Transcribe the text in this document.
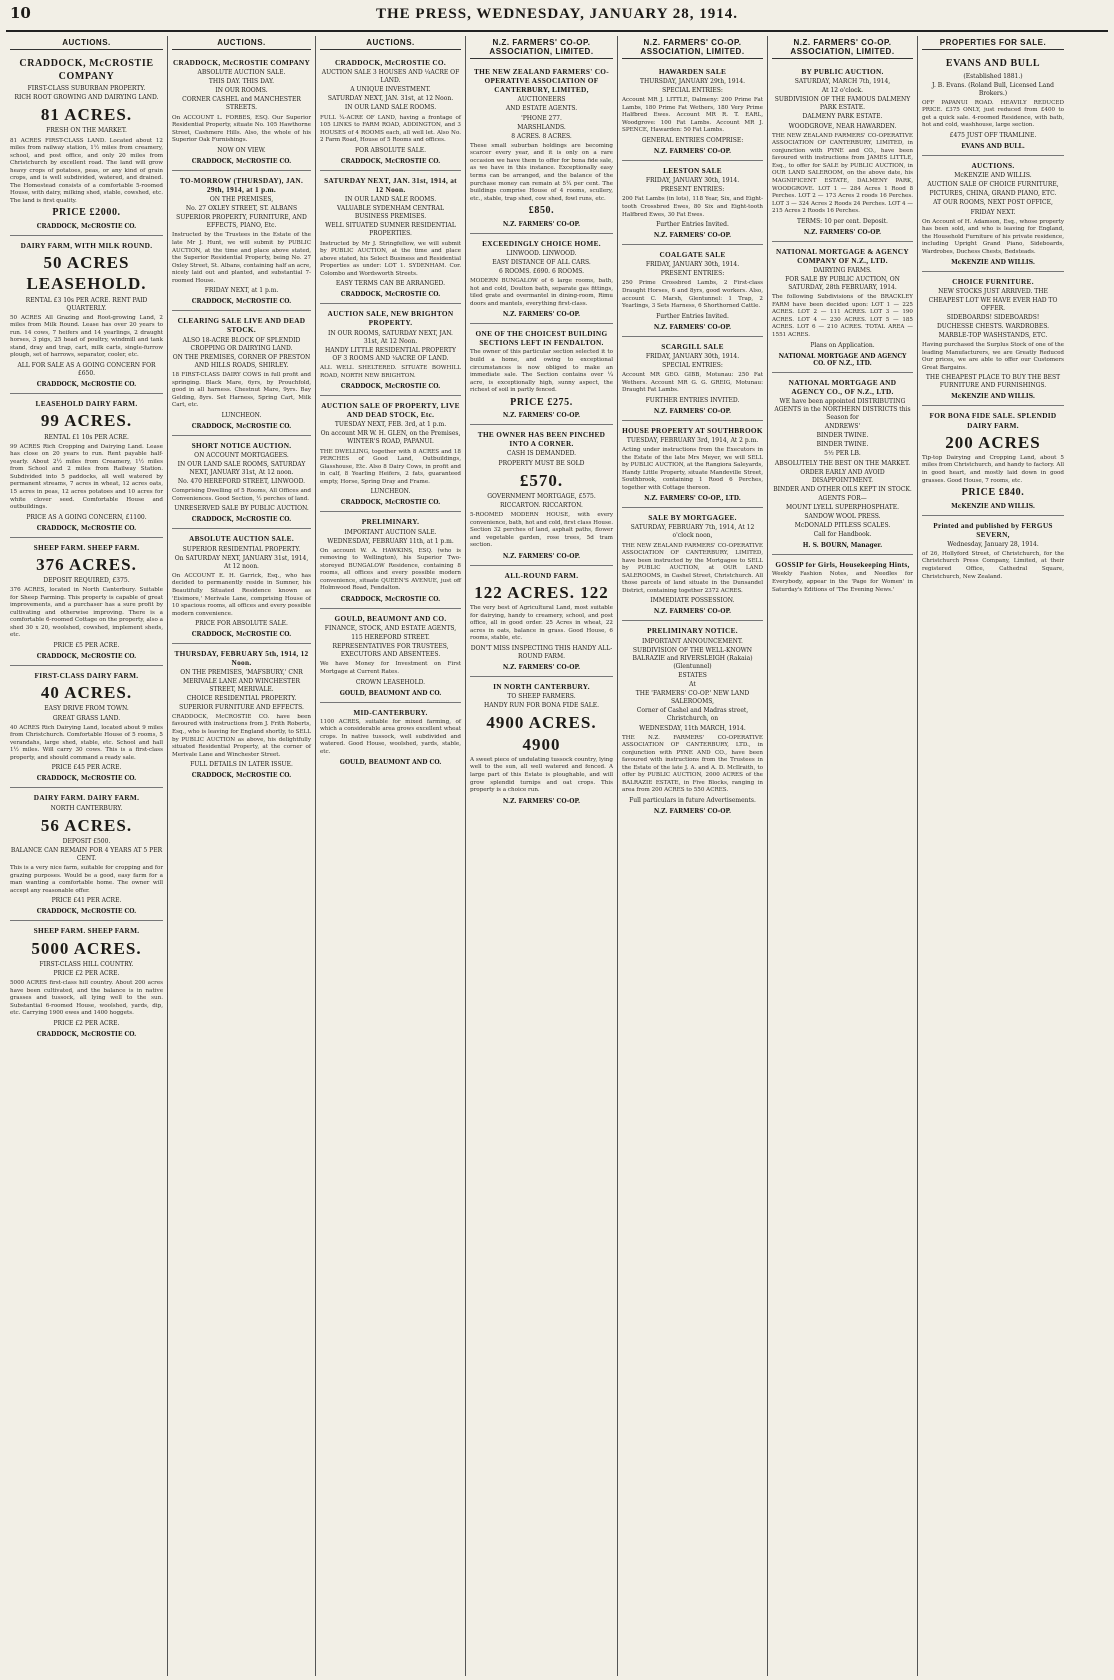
10	THE PRESS, WEDNESDAY, JANUARY 28, 1914.
AUCTIONS.
CRADDOCK, McCROSTIE COMPANY
FIRST-CLASS SUBURBAN PROPERTY.
RICH ROOT GROWING AND DAIRYING LAND.
81 ACRES.
FRESH ON THE MARKET.
81 ACRES FIRST-CLASS LAND. Located about 12 miles from railway station, 1½ miles from creamery, school, and post office, and only 20 miles from Christchurch by excellent road. The land will grow heavy crops of potatoes, peas, or any kind of grain crops, and is well subdivided, watered, and drained. The Homestead consists of a comfortable 5-roomed House, with dairy, milking shed, stable, cowshed, etc. The land is first quality.
PRICE £2000.
CRADDOCK, McCROSTIE CO.
DAIRY FARM, WITH MILK ROUND.
50 ACRES LEASEHOLD.
RENTAL £3 10s PER ACRE. RENT PAID QUARTERLY.
50 ACRES All Grazing and Root-growing Land, 2 miles from Milk Round. Lease has over 20 years to run. 14 cows, 7 heifers and 14 yearlings, 2 draught horses, 3 pigs, 25 head of poultry, windmill and tank stand, dray and trap, cart, milk carts, single-furrow plough, set of harrows, separator, cooler, etc.
ALL FOR SALE AS A GOING CONCERN FOR £650.
CRADDOCK, McCROSTIE CO.
LEASEHOLD DAIRY FARM.
99 ACRES.
RENTAL £1 10s PER ACRE.
99 ACRES Rich Cropping and Dairying Land. Lease has close on 20 years to run. Rent payable half-yearly. About 2½ miles from Creamery, 1½ miles from School and 2 miles from Railway Station. Subdivided into 5 paddocks, all well watered by permanent streams, 7 acres in wheat, 12 acres oats, 15 acres in peas, 12 acres potatoes and 10 acres for white clover seed. Comfortable House and outbuildings.
PRICE AS A GOING CONCERN, £1100.
CRADDOCK, McCROSTIE CO.
SHEEP FARM. SHEEP FARM.
376 ACRES.
DEPOSIT REQUIRED, £375.
376 ACRES, located in North Canterbury. Suitable for Sheep Farming. This property is capable of great improvements, and a purchaser has a sure profit by cultivating and otherwise improving. There is a comfortable 6-roomed Cottage on the property, also a shed 30 x 20, woolshed, cowshed, implement sheds, etc.
PRICE £5 PER ACRE.
CRADDOCK, McCROSTIE CO.
FIRST-CLASS DAIRY FARM.
40 ACRES.
EASY DRIVE FROM TOWN.
GREAT GRASS LAND.
40 ACRES Rich Dairying Land, located about 9 miles from Christchurch. Comfortable House of 5 rooms, 5 verandahs, large shed, stable, etc. School and hall 1½ miles. Will carry 30 cows. This is a first-class property, and should command a ready sale.
PRICE £45 PER ACRE.
CRADDOCK, McCROSTIE CO.
DAIRY FARM. DAIRY FARM.
NORTH CANTERBURY.
56 ACRES.
DEPOSIT £500.
BALANCE CAN REMAIN FOR 4 YEARS AT 5 PER CENT.
This is a very nice farm, suitable for cropping and for grazing purposes. Would be a good, easy farm for a man wanting a comfortable home. The owner will accept any reasonable offer.
PRICE £41 PER ACRE.
CRADDOCK, McCROSTIE CO.
SHEEP FARM. SHEEP FARM.
5000 ACRES.
FIRST-CLASS HILL COUNTRY.
PRICE £2 PER ACRE.
5000 ACRES first-class hill country. About 200 acres have been cultivated, and the balance is in native grasses and tussock, all lying well to the sun. Substantial 6-roomed House, woolshed, yards, dip, etc. Carrying 1900 ewes and 1400 hoggets.
PRICE £2 PER ACRE.
CRADDOCK, McCROSTIE CO.
AUCTIONS.
CRADDOCK, McCROSTIE COMPANY
ABSOLUTE AUCTION SALE.
THIS DAY. THIS DAY.
IN OUR ROOMS.
CORNER CASHEL and MANCHESTER STREETS.
On ACCOUNT L. FORBES, ESQ. Our Superior Residential Property, situate No. 105 Hawthorne Street, Cashmere Hills. Also, the whole of his Superior Oak Furnishings.
NOW ON VIEW.
CRADDOCK, McCROSTIE CO.
TO-MORROW (THURSDAY), JAN. 29th, 1914, at 1 p.m.
ON THE PREMISES,
No. 27 OXLEY STREET, ST. ALBANS
SUPERIOR PROPERTY, FURNITURE, AND EFFECTS, PIANO, Etc.
Instructed by the Trustees in the Estate of the late Mr J. Hunt, we will submit by PUBLIC AUCTION, at the time and place above stated, the Superior Residential Property, being No. 27 Oxley Street, St. Albans, containing half an acre, nicely laid out and planted, and substantial 7-roomed House.
FRIDAY NEXT, at 1 p.m.
CRADDOCK, McCROSTIE CO.
CLEARING SALE LIVE AND DEAD STOCK.
ALSO 18-ACRE BLOCK OF SPLENDID CROPPING OR DAIRYING LAND.
ON THE PREMISES, CORNER OF PRESTON AND HILLS ROADS, SHIRLEY.
18 FIRST-CLASS DAIRY COWS in full profit and springing. Black Mare, 6yrs, by Prouchfold, good in all harness. Chestnut Mare, 9yrs. Bay Gelding, 8yrs. Set Harness, Spring Cart, Milk Cart, etc.
LUNCHEON.
CRADDOCK, McCROSTIE CO.
SHORT NOTICE AUCTION.
ON ACCOUNT MORTGAGEES.
IN OUR LAND SALE ROOMS, SATURDAY NEXT, JANUARY 31st, At 12 noon.
No. 470 HEREFORD STREET, LINWOOD.
Comprising Dwelling of 5 Rooms, All Offices and Conveniences. Good Section, ½ perches of land.
UNRESERVED SALE BY PUBLIC AUCTION.
CRADDOCK, McCROSTIE CO.
ABSOLUTE AUCTION SALE.
SUPERIOR RESIDENTIAL PROPERTY.
On SATURDAY NEXT, JANUARY 31st, 1914, At 12 noon.
On ACCOUNT E. H. Garrick, Esq., who has decided to permanently reside in Sumner, his Beautifully Situated Residence known as 'Eisimore,' Merivale Lane, comprising House of 10 spacious rooms, all offices and every possible modern convenience.
PRICE FOR ABSOLUTE SALE.
CRADDOCK, McCROSTIE CO.
THURSDAY, FEBRUARY 5th, 1914, 12 Noon.
ON THE PREMISES, 'MAFSBURY,' CNR MERIVALE LANE AND WINCHESTER STREET, MERIVALE.
CHOICE RESIDENTIAL PROPERTY.
SUPERIOR FURNITURE AND EFFECTS.
CRADDOCK, McCROSTIE CO. have been favoured with instructions from J. Frith Roberts, Esq., who is leaving for England shortly, to SELL by PUBLIC AUCTION as above, his delightfully situated Residential Property, at the corner of Merivale Lane and Winchester Street.
FULL DETAILS IN LATER ISSUE.
CRADDOCK, McCROSTIE CO.
AUCTIONS.
CRADDOCK, McCROSTIE CO.
AUCTION SALE 3 HOUSES AND ¼ACRE OF LAND.
A UNIQUE INVESTMENT.
SATURDAY NEXT, JAN. 31st, at 12 Noon.
IN OUR LAND SALE ROOMS.
FULL ¼-ACRE OF LAND, having a frontage of 105 LINKS to FARM ROAD, ADDINGTON, and 3 HOUSES of 4 ROOMS each, all well let. Also No. 2 Farm Road, House of 5 Rooms and offices.
FOR ABSOLUTE SALE.
CRADDOCK, McCROSTIE CO.
SATURDAY NEXT, JAN. 31st, 1914, at 12 Noon.
IN OUR LAND SALE ROOMS.
VALUABLE SYDENHAM CENTRAL BUSINESS PREMISES.
WELL SITUATED SUMNER RESIDENTIAL PROPERTIES.
Instructed by Mr J. Stringfellow, we will submit by PUBLIC AUCTION, at the time and place above stated, his Select Business and Residential Properties as under: LOT 1. SYDENHAM. Cor. Colombo and Wordsworth Streets.
EASY TERMS CAN BE ARRANGED.
CRADDOCK, McCROSTIE CO.
AUCTION SALE, NEW BRIGHTON PROPERTY.
IN OUR ROOMS, SATURDAY NEXT, JAN. 31st, At 12 Noon.
HANDY LITTLE RESIDENTIAL PROPERTY OF 3 ROOMS AND ¼ACRE OF LAND.
ALL WELL SHELTERED. SITUATE BOWHILL ROAD, NORTH NEW BRIGHTON.
CRADDOCK, McCROSTIE CO.
AUCTION SALE OF PROPERTY, LIVE AND DEAD STOCK, Etc.
TUESDAY NEXT, FEB. 3rd, at 1 p.m.
On account MR W. H. GLEN, on the Premises, WINTER'S ROAD, PAPANUI.
THE DWELLING, together with 8 ACRES and 18 PERCHES of Good Land, Outbuildings, Glasshouse, Etc. Also 8 Dairy Cows, in profit and in calf, 8 Yearling Heifers, 2 fats, guaranteed empty, Horse, Spring Dray and Frame.
LUNCHEON.
CRADDOCK, McCROSTIE CO.
PRELIMINARY.
IMPORTANT AUCTION SALE.
WEDNESDAY, FEBRUARY 11th, at 1 p.m.
On account W. A. HAWKINS, ESQ. (who is removing to Wellington), his Superior Two-storeyed BUNGALOW Residence, containing 8 rooms, all offices and every possible modern convenience, situate QUEEN'S AVENUE, just off Holmwood Road, Fendalton.
CRADDOCK, McCROSTIE CO.
GOULD, BEAUMONT AND CO.
FINANCE, STOCK, AND ESTATE AGENTS,
115 HEREFORD STREET.
REPRESENTATIVES FOR TRUSTEES, EXECUTORS AND ABSENTEES.
We have Money for Investment on First Mortgage at Current Rates.
CROWN LEASEHOLD.
GOULD, BEAUMONT AND CO.
MID-CANTERBURY.
1100 ACRES, suitable for mixed farming, of which a considerable area grows excellent wheat crops. In native tussock, well subdivided and watered. Good House, woolshed, yards, stable, etc.
GOULD, BEAUMONT AND CO.
N.Z. FARMERS' CO-OP. ASSOCIATION, LIMITED.
THE NEW ZEALAND FARMERS' CO-OPERATIVE ASSOCIATION OF CANTERBURY, LIMITED,
AUCTIONEERS
AND ESTATE AGENTS.
'PHONE 277.
MARSHLANDS.
8 ACRES. 8 ACRES.
These small suburban holdings are becoming scarcer every year, and it is only on a rare occasion we have them to offer for bona fide sale, as we have in this instance. Exceptionally easy terms can be arranged, and the balance of the purchase money can remain at 5¼ per cent. The buildings comprise House of 4 rooms, scullery, etc., stable, trap shed, cow shed, fowl runs, etc.
£850.
N.Z. FARMERS' CO-OP.
EXCEEDINGLY CHOICE HOME.
LINWOOD. LINWOOD.
EASY DISTANCE OF ALL CARS.
6 ROOMS. £690. 6 ROOMS.
MODERN BUNGALOW of 6 large rooms, bath, hot and cold, Doulton bath, separate gas fittings, tiled grate and overmantel in dining-room, Rimu doors and mantels, everything first-class.
N.Z. FARMERS' CO-OP.
ONE OF THE CHOICEST BUILDING SECTIONS LEFT IN FENDALTON.
The owner of this particular section selected it to build a home, and owing to exceptional circumstances is now obliged to make an immediate sale. The Section contains over ¼ acre, is exceptionally high, sunny aspect, the richest of soil in partly fenced.
PRICE £275.
N.Z. FARMERS' CO-OP.
THE OWNER HAS BEEN PINCHED INTO A CORNER.
CASH IS DEMANDED.
PROPERTY MUST BE SOLD
£570.
GOVERNMENT MORTGAGE, £575.
RICCARTON. RICCARTON.
5-ROOMED MODERN HOUSE, with every convenience, bath, hot and cold, first class House. Section 32 perches of land, asphalt paths, flower and vegetable garden, rose trees, 5d tram section.
N.Z. FARMERS' CO-OP.
ALL-ROUND FARM.
122 ACRES. 122
The very best of Agricultural Land, most suitable for dairying, handy to creamery, school, and post office, all in good order. 25 Acres in wheat, 22 acres in oats, balance in grass. Good House, 6 rooms, stable, etc.
DON'T MISS INSPECTING THIS HANDY ALL-ROUND FARM.
N.Z. FARMERS' CO-OP.
IN NORTH CANTERBURY.
TO SHEEP FARMERS.
HANDY RUN FOR BONA FIDE SALE.
4900 ACRES. 4900
A sweet piece of undulating tussock country, lying well to the sun, all well watered and fenced. A large part of this Estate is ploughable, and will grow splendid turnips and oat crops. This property is a choice run.
N.Z. FARMERS' CO-OP.
N.Z. FARMERS' CO-OP. ASSOCIATION, LIMITED.
HAWARDEN SALE
THURSDAY, JANUARY 29th, 1914.
SPECIAL ENTRIES:
Account MR J. LITTLE, Dalmeny: 200 Prime Fat Lambs, 180 Prime Fat Wethers, 180 Very Prime Halfbred Ewes. Account MR R. T. EARL, Woodgrove: 100 Fat Lambs. Account MR J. SPENCE, Hawarden: 50 Fat Lambs.
GENERAL ENTRIES COMPRISE:
N.Z. FARMERS' CO-OP.
LEESTON SALE
FRIDAY, JANUARY 30th, 1914.
PRESENT ENTRIES:
200 Fat Lambs (in lots), 118 Year, Six, and Eight-tooth Crossbred Ewes, 80 Six and Eight-tooth Halfbred Ewes, 30 Fat Ewes.
Further Entries Invited.
N.Z. FARMERS' CO-OP.
COALGATE SALE
FRIDAY, JANUARY 30th, 1914.
PRESENT ENTRIES:
250 Prime Crossbred Lambs, 2 First-class Draught Horses, 6 and 8yrs, good workers. Also, account C. Marsh, Glentunnel: 1 Trap, 2 Yearlings, 3 Sets Harness, 6 Shorthorned Cattle.
Further Entries Invited.
N.Z. FARMERS' CO-OP.
SCARGILL SALE
FRIDAY, JANUARY 30th, 1914.
SPECIAL ENTRIES:
Account MR GEO. GIBB, Motunau: 250 Fat Wethers. Account MR G. G. GREIG, Motunau: Draught Fat Lambs.
FURTHER ENTRIES INVITED.
N.Z. FARMERS' CO-OP.
HOUSE PROPERTY AT SOUTHBROOK
TUESDAY, FEBRUARY 3rd, 1914, At 2 p.m.
Acting under instructions from the Executors in the Estate of the late Mrs Meyer, we will SELL by PUBLIC AUCTION, at the Rangiora Saleyards, Handy Little Property, situate Mandeville Street, Southbrook, containing 1 Rood 6 Perches, together with Cottage thereon.
N.Z. FARMERS' CO-OP., LTD.
SALE BY MORTGAGEE.
SATURDAY, FEBRUARY 7th, 1914, At 12 o'clock noon,
THE NEW ZEALAND FARMERS' CO-OPERATIVE ASSOCIATION OF CANTERBURY, LIMITED, have been instructed by the Mortgagee to SELL by PUBLIC AUCTION, at OUR LAND SALEROOMS, in Cashel Street, Christchurch. All those parcels of land situate in the Dunsandel District, containing together 2372 ACRES.
IMMEDIATE POSSESSION.
N.Z. FARMERS' CO-OP.
PRELIMINARY NOTICE.
IMPORTANT ANNOUNCEMENT.
SUBDIVISION OF THE WELL-KNOWN BALRAZIE and RIVERSLEIGH (Rakaia) (Glentunnel)
ESTATES
At
THE 'FARMERS' CO-OP.' NEW LAND SALEROOMS,
Corner of Cashel and Madras street, Christchurch, on
WEDNESDAY, 11th MARCH, 1914.
THE N.Z. FARMERS' CO-OPERATIVE ASSOCIATION OF CANTERBURY, LTD., in conjunction with PYNE AND CO., have been favoured with instructions from the Trustees in the Estate of the late J. A. and A. D. McIlraith, to offer by PUBLIC AUCTION, 2000 ACRES of the BALRAZIE ESTATE, in Five Blocks, ranging in area from 200 ACRES to 550 ACRES.
Full particulars in future Advertisements.
N.Z. FARMERS' CO-OP.
N.Z. FARMERS' CO-OP. ASSOCIATION, LIMITED.
BY PUBLIC AUCTION.
SATURDAY, MARCH 7th, 1914,
At 12 o'clock.
SUBDIVISION OF THE FAMOUS DALMENY PARK ESTATE.
DALMENY PARK ESTATE.
WOODGROVE, NEAR HAWARDEN.
THE NEW ZEALAND FARMERS' CO-OPERATIVE ASSOCIATION OF CANTERBURY, LIMITED, in conjunction with PYNE and CO., have been favoured with instructions from JAMES LITTLE, Esq., to offer for SALE by PUBLIC AUCTION, in OUR LAND SALEROOM, on the above date, his MAGNIFICENT ESTATE, DALMENY PARK, WOODGROVE. LOT 1 — 284 Acres 1 Rood 8 Perches. LOT 2 — 173 Acres 2 roods 16 Perches. LOT 3 — 324 Acres 2 Roods 24 Perches. LOT 4 — 215 Acres 2 Roods 16 Perches.
TERMS: 10 per cent. Deposit.
N.Z. FARMERS' CO-OP.
NATIONAL MORTGAGE & AGENCY COMPANY OF N.Z., LTD.
DAIRYING FARMS.
FOR SALE BY PUBLIC AUCTION, ON SATURDAY, 28th FEBRUARY, 1914.
The following Subdivisions of the BRACKLEY FARM have been decided upon: LOT 1 — 225 ACRES. LOT 2 — 111 ACRES. LOT 3 — 190 ACRES. LOT 4 — 230 ACRES. LOT 5 — 185 ACRES. LOT 6 — 210 ACRES. TOTAL AREA — 1551 ACRES.
Plans on Application.
NATIONAL MORTGAGE AND AGENCY CO. OF N.Z., LTD.
NATIONAL MORTGAGE AND AGENCY CO., OF N.Z., LTD.
WE have been appointed DISTRIBUTING AGENTS in the NORTHERN DISTRICTS this Season for
ANDREWS'
BINDER TWINE.
BINDER TWINE.
5½ PER LB.
ABSOLUTELY THE BEST ON THE MARKET.
ORDER EARLY AND AVOID DISAPPOINTMENT.
BINDER AND OTHER OILS KEPT IN STOCK.
AGENTS FOR—
MOUNT LYELL SUPERPHOSPHATE.
SANDOW WOOL PRESS.
McDONALD PITLESS SCALES.
Call for Handbook.
H. S. BOURN, Manager.
GOSSIP for Girls, Housekeeping Hints,
Weekly Fashion Notes, and Needles for Everybody, appear in the 'Page for Women' in Saturday's Editions of 'The Evening News.'
PROPERTIES FOR SALE.
EVANS AND BULL
(Established 1881.)
J. B. Evans. (Roland Bull, Licensed Land Brokers.)
OFF PAPANUI ROAD. HEAVILY REDUCED PRICE. £375 ONLY, just reduced from £400 to get a quick sale. 4-roomed Residence, with bath, hot and cold, washhouse, large section.
£475 JUST OFF TRAMLINE.
EVANS AND BULL.
AUCTIONS.
McKENZIE AND WILLIS.
AUCTION SALE OF CHOICE FURNITURE,
PICTURES, CHINA, GRAND PIANO, ETC.
AT OUR ROOMS, NEXT POST OFFICE,
FRIDAY NEXT.
On Account of H. Adamson, Esq., whose property has been sold, and who is leaving for England, the Household Furniture of his private residence, including Upright Grand Piano, Sideboards, Wardrobes, Duchess Chests, Bedsteads.
McKENZIE AND WILLIS.
CHOICE FURNITURE.
NEW STOCKS JUST ARRIVED. THE CHEAPEST LOT WE HAVE EVER HAD TO OFFER.
SIDEBOARDS! SIDEBOARDS!
DUCHESSE CHESTS. WARDROBES.
MARBLE-TOP WASHSTANDS, ETC.
Having purchased the Surplus Stock of one of the leading Manufacturers, we are Greatly Reduced Our prices, we are able to offer our Customers Great Bargains.
THE CHEAPEST PLACE TO BUY THE BEST FURNITURE AND FURNISHINGS.
McKENZIE AND WILLIS.
FOR BONA FIDE SALE. SPLENDID DAIRY FARM.
200 ACRES
Tip-top Dairying and Cropping Land, about 5 miles from Christchurch, and handy to factory. All in good heart, and mostly laid down in good grasses. Good House, 7 rooms, etc.
PRICE £840.
McKENZIE AND WILLIS.
Printed and published by FERGUS SEVERN,
Wednesday, January 28, 1914.
of 26, Hollyford Street, of Christchurch, for the Christchurch Press Company, Limited, at their registered Office, Cathedral Square, Christchurch, New Zealand.
